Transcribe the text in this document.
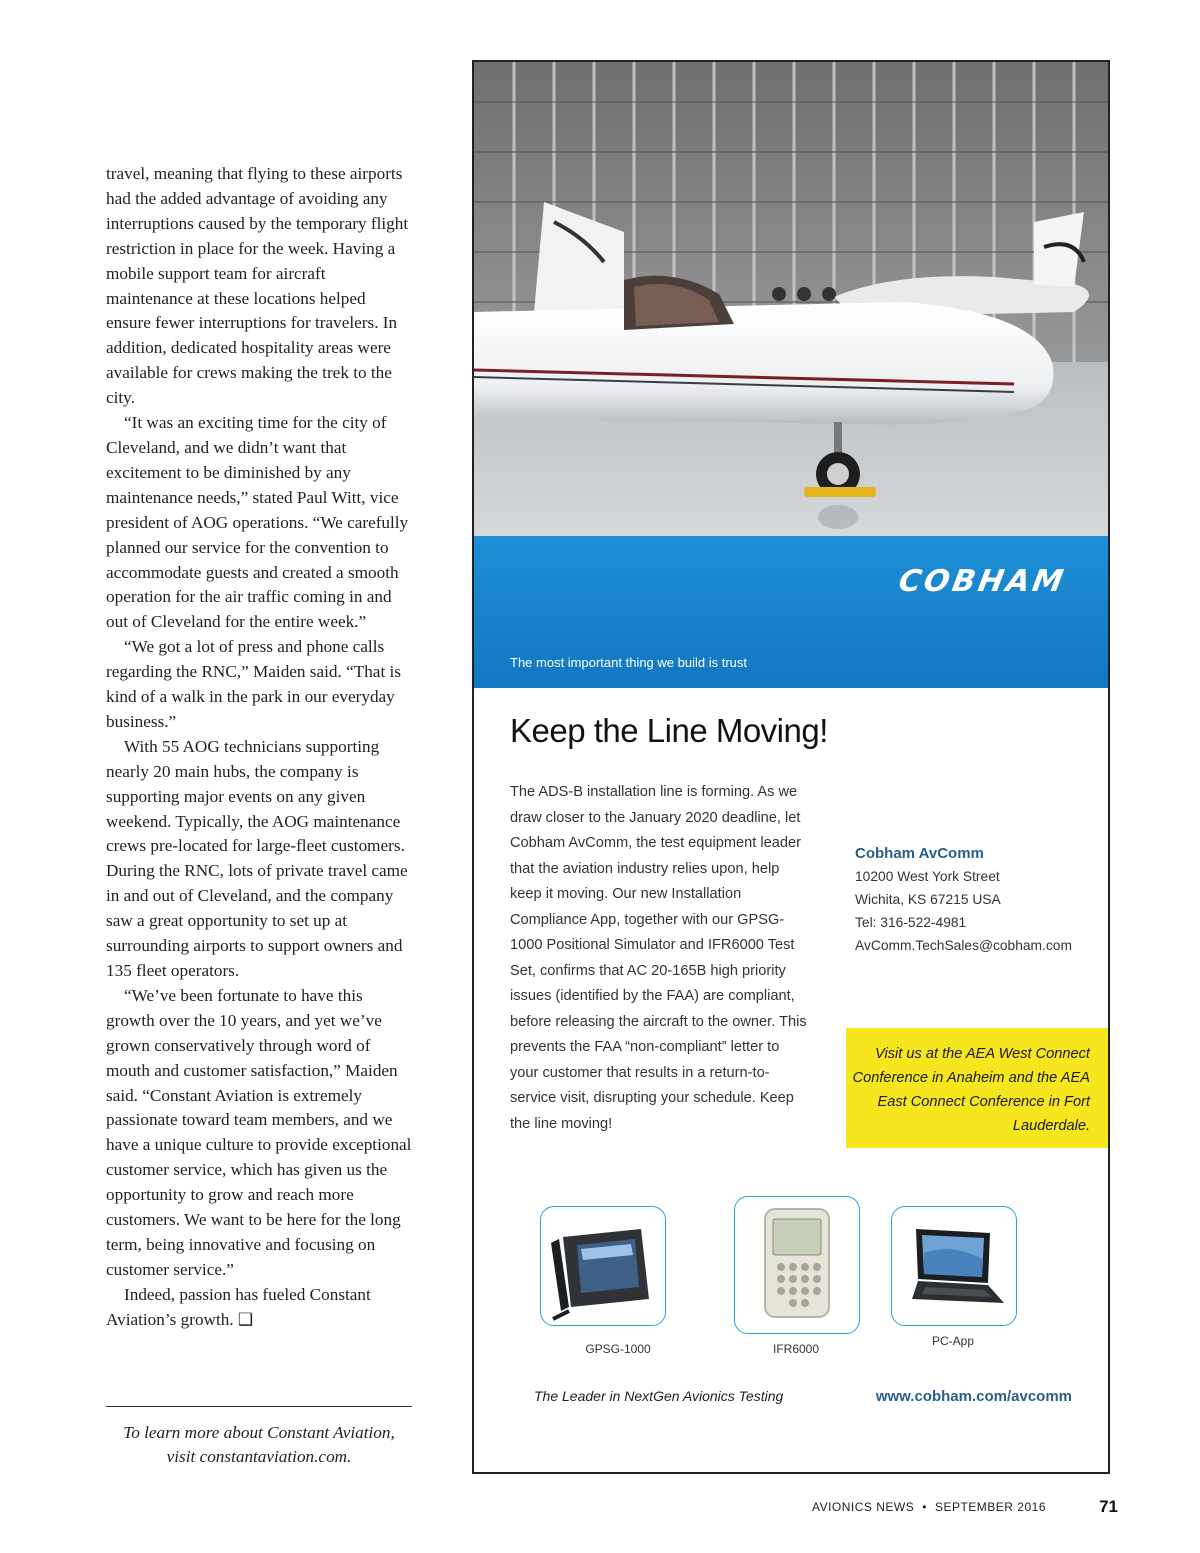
travel, meaning that flying to these airports had the added advantage of avoiding any interruptions caused by the temporary flight restriction in place for the week. Having a mobile support team for aircraft maintenance at these locations helped ensure fewer interruptions for travelers. In addition, dedicated hospitality areas were available for crews making the trek to the city.

“It was an exciting time for the city of Cleveland, and we didn’t want that excitement to be diminished by any maintenance needs,” stated Paul Witt, vice president of AOG operations. “We carefully planned our service for the convention to accommodate guests and created a smooth operation for the air traffic coming in and out of Cleveland for the entire week.”

“We got a lot of press and phone calls regarding the RNC,” Maiden said. “That is kind of a walk in the park in our everyday business.”

With 55 AOG technicians supporting nearly 20 main hubs, the company is supporting major events on any given weekend. Typically, the AOG maintenance crews pre-located for large-fleet customers. During the RNC, lots of private travel came in and out of Cleveland, and the company saw a great opportunity to set up at surrounding airports to support owners and 135 fleet operators.

“We’ve been fortunate to have this growth over the 10 years, and yet we’ve grown conservatively through word of mouth and customer satisfaction,” Maiden said. “Constant Aviation is extremely passionate toward team members, and we have a unique culture to provide exceptional customer service, which has given us the opportunity to grow and reach more customers. We want to be here for the long term, being innovative and focusing on customer service.”

Indeed, passion has fueled Constant Aviation’s growth. ❑

To learn more about Constant Aviation,
visit constantaviation.com.
COBHAM
The most important thing we build is trust
Keep the Line Moving!
The ADS-B installation line is forming. As we draw closer to the January 2020 deadline, let Cobham AvComm, the test equipment leader that the aviation industry relies upon, help keep it moving. Our new Installation Compliance App, together with our GPSG-1000 Positional Simulator and IFR6000 Test Set, confirms that AC 20-165B high priority issues (identified by the FAA) are compliant, before releasing the aircraft to the owner. This prevents the FAA “non-compliant” letter to your customer that results in a return-to-service visit, disrupting your schedule. Keep the line moving!
Cobham AvComm
10200 West York Street
Wichita, KS 67215 USA
Tel: 316-522-4981
AvComm.TechSales@cobham.com
Visit us at the AEA West Connect Conference in Anaheim and the AEA East Connect Conference in Fort Lauderdale.
GPSG-1000	IFR6000
PC-App
The Leader in NextGen Avionics Testing	www.cobham.com/avcomm
AVIONICS NEWS • SEPTEMBER 2016	71
